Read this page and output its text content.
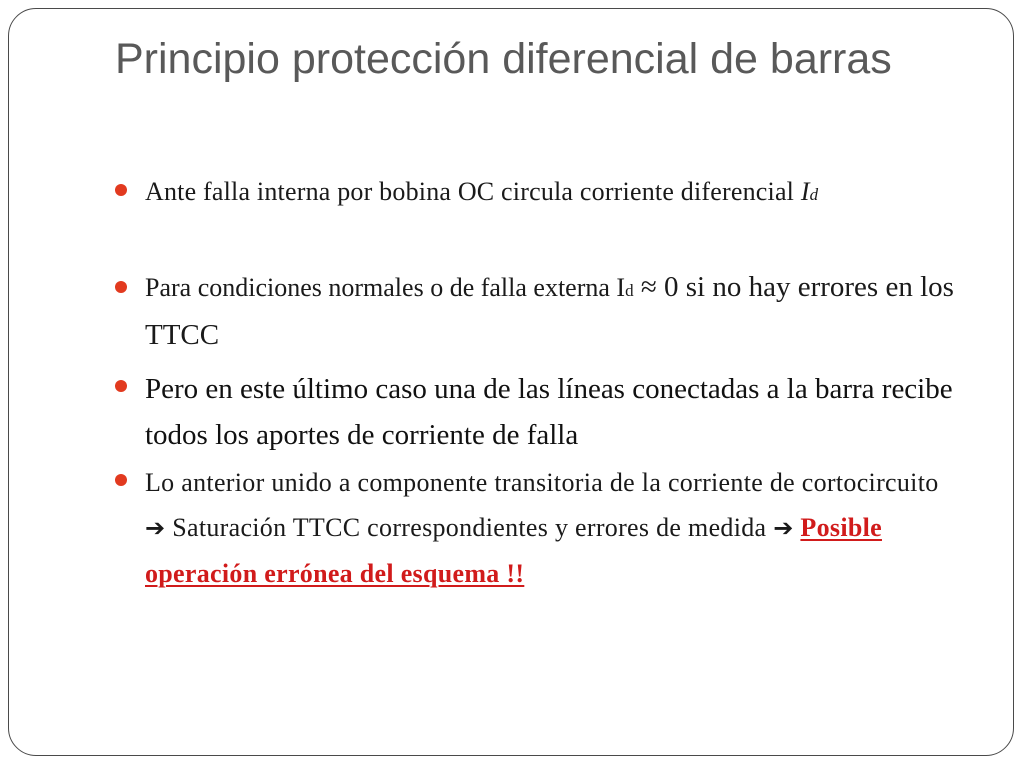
Principio protección diferencial de barras

Ante falla interna por bobina OC circula corriente diferencial Id

Para condiciones normales o de falla externa Id ≈ 0 si no hay errores en los TTCC

Pero en este último caso una de las líneas conectadas a la barra recibe todos los aportes de corriente de falla

Lo anterior unido a componente transitoria de la corriente de cortocircuito ➔ Saturación TTCC correspondientes y errores de medida ➔ Posible operación errónea del esquema !!
